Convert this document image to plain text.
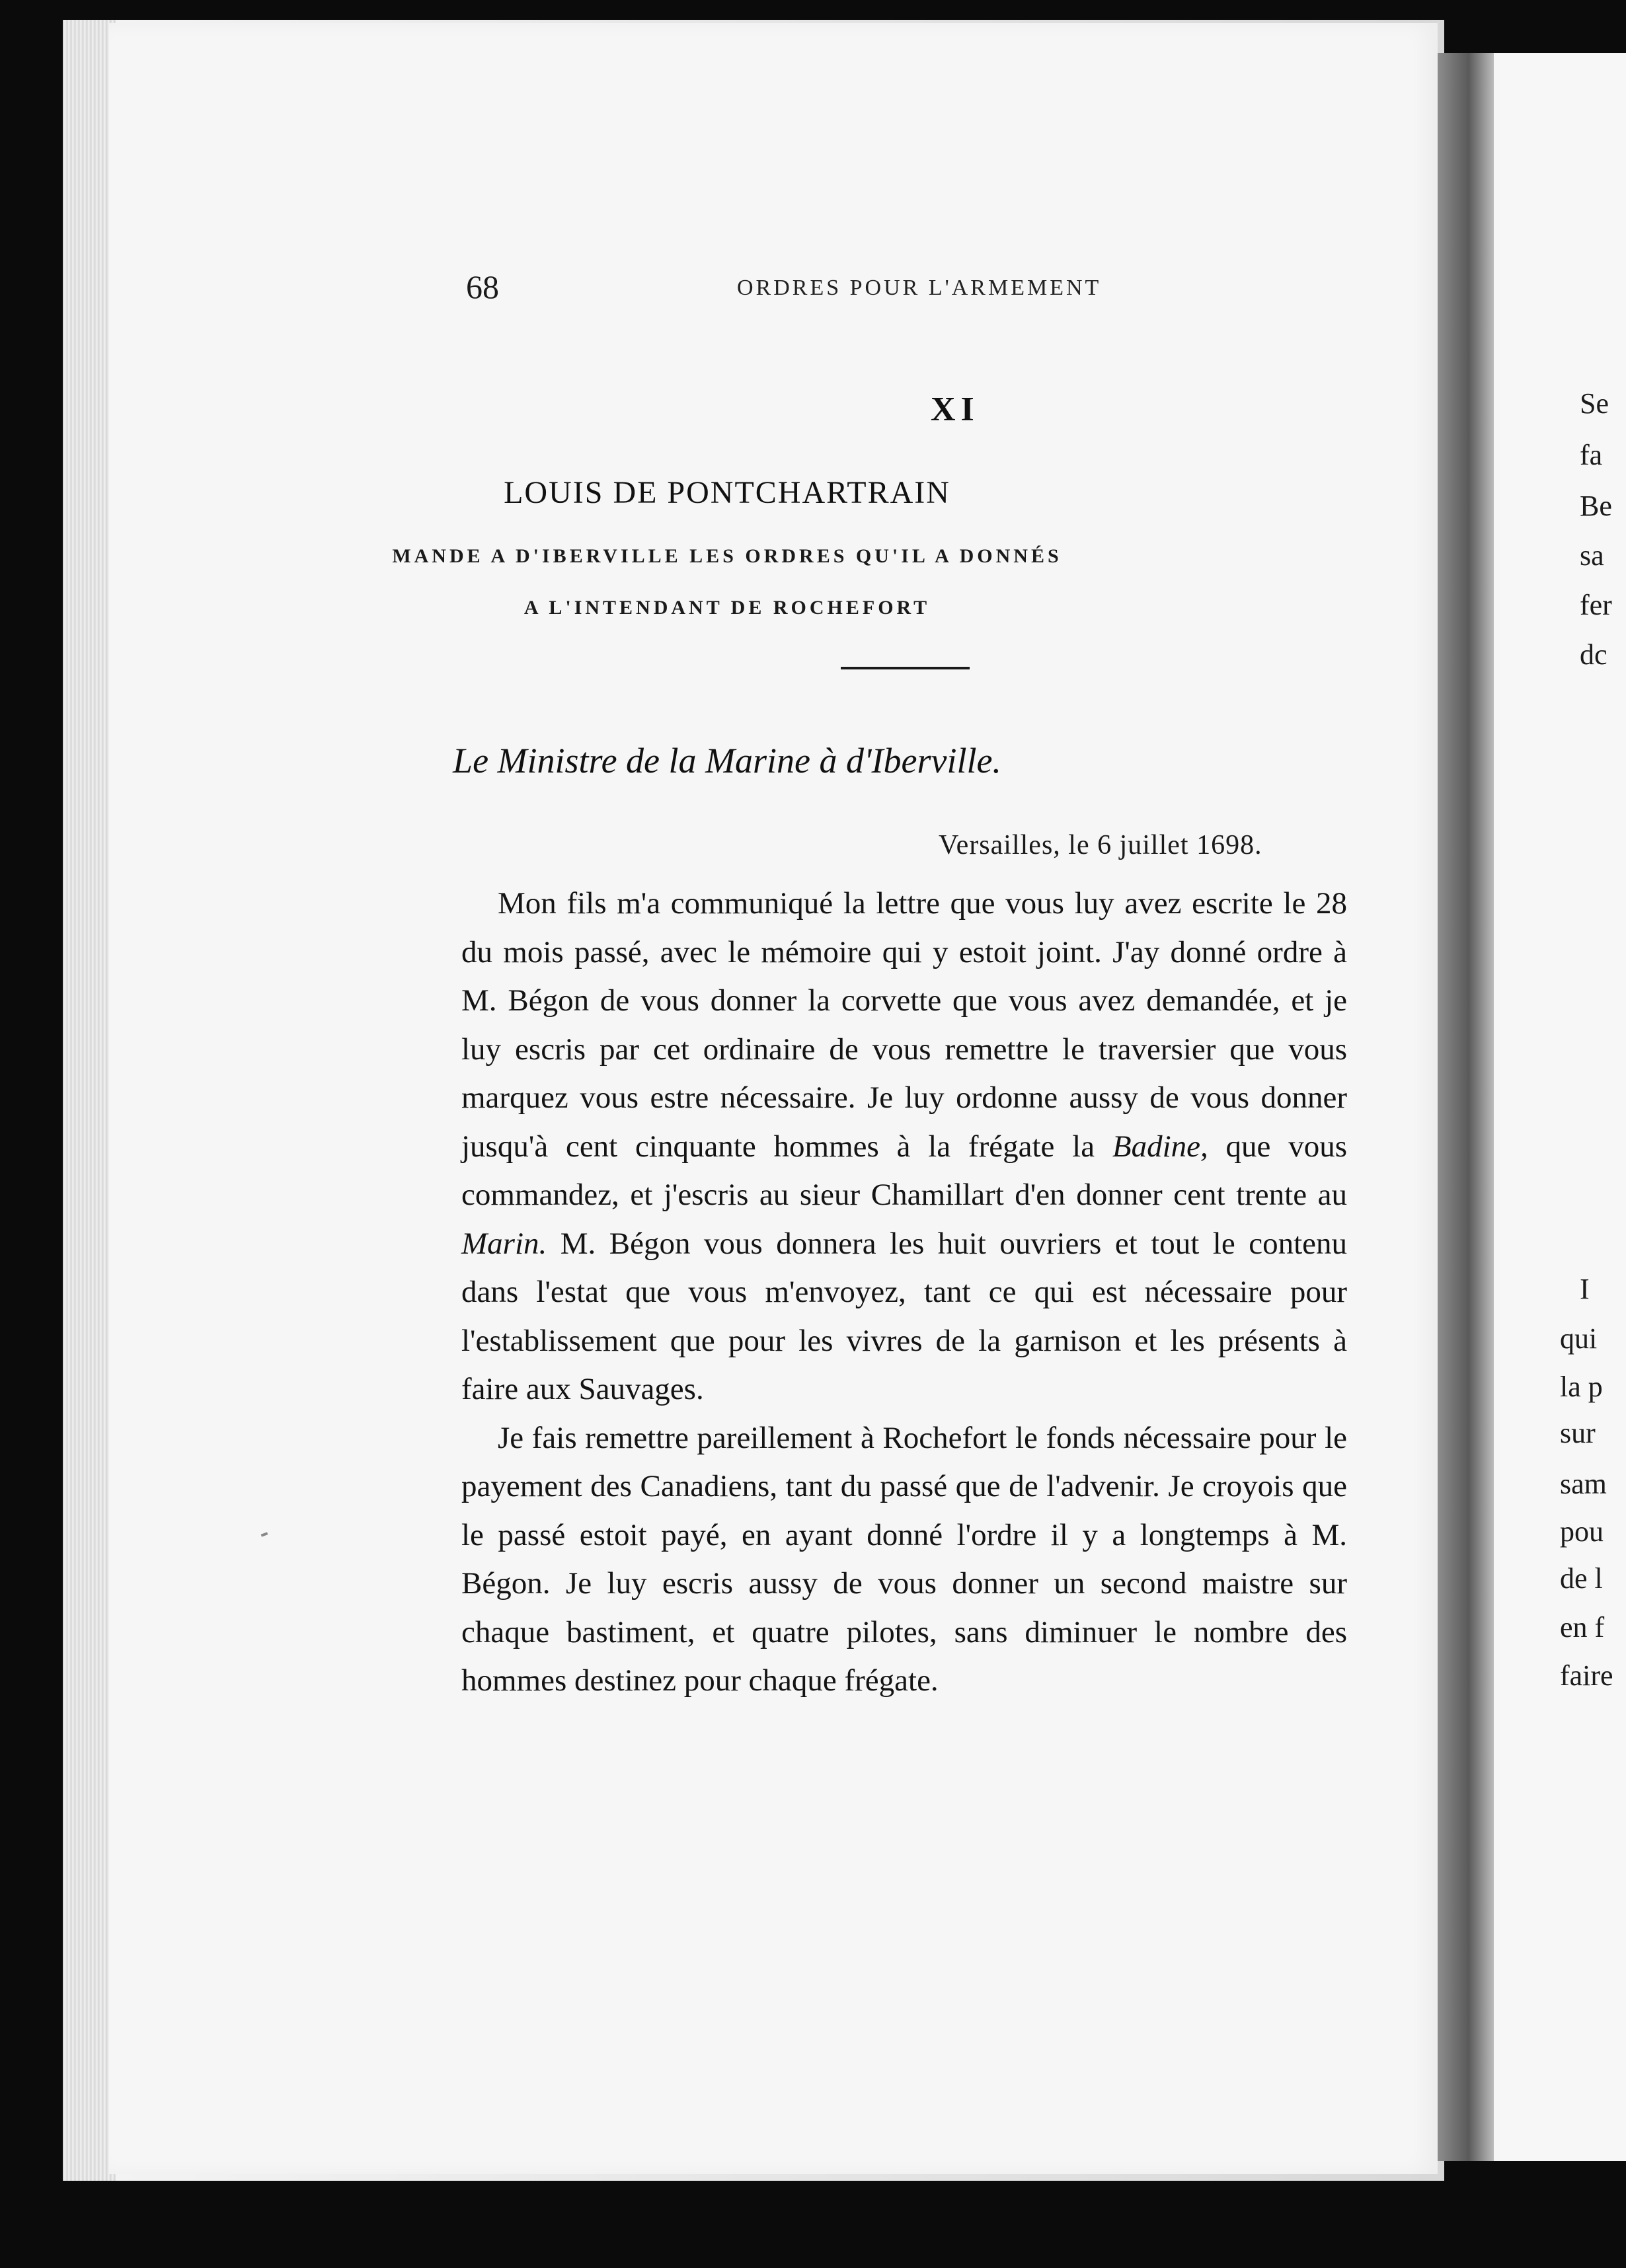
68	ORDRES POUR L'ARMEMENT
XI
LOUIS DE PONTCHARTRAIN
MANDE A D'IBERVILLE LES ORDRES QU'IL A DONNÉS
A L'INTENDANT DE ROCHEFORT
Le Ministre de la Marine à d'Iberville.
Versailles, le 6 juillet 1698.

Mon fils m'a communiqué la lettre que vous luy avez escrite le 28 du mois passé, avec le mémoire qui y estoit joint. J'ay donné ordre à M. Bégon de vous donner la corvette que vous avez demandée, et je luy escris par cet ordinaire de vous remettre le traversier que vous marquez vous estre nécessaire. Je luy ordonne aussy de vous donner jusqu'à cent cinquante hommes à la frégate la Badine, que vous commandez, et j'escris au sieur Chamillart d'en donner cent trente au Marin. M. Bégon vous donnera les huit ouvriers et tout le contenu dans l'estat que vous m'envoyez, tant ce qui est nécessaire pour l'establissement que pour les vivres de la garnison et les présents à faire aux Sauvages.

Je fais remettre pareillement à Rochefort le fonds nécessaire pour le payement des Canadiens, tant du passé que de l'advenir. Je croyois que le passé estoit payé, en ayant donné l'ordre il y a longtemps à M. Bégon. Je luy escris aussy de vous donner un second maistre sur chaque bastiment, et quatre pilotes, sans diminuer le nombre des hommes destinez pour chaque frégate.

Se
fa
Be
sa
fer
dc
I
qui
la p
sur
sam
pou
de l
en f
faire
